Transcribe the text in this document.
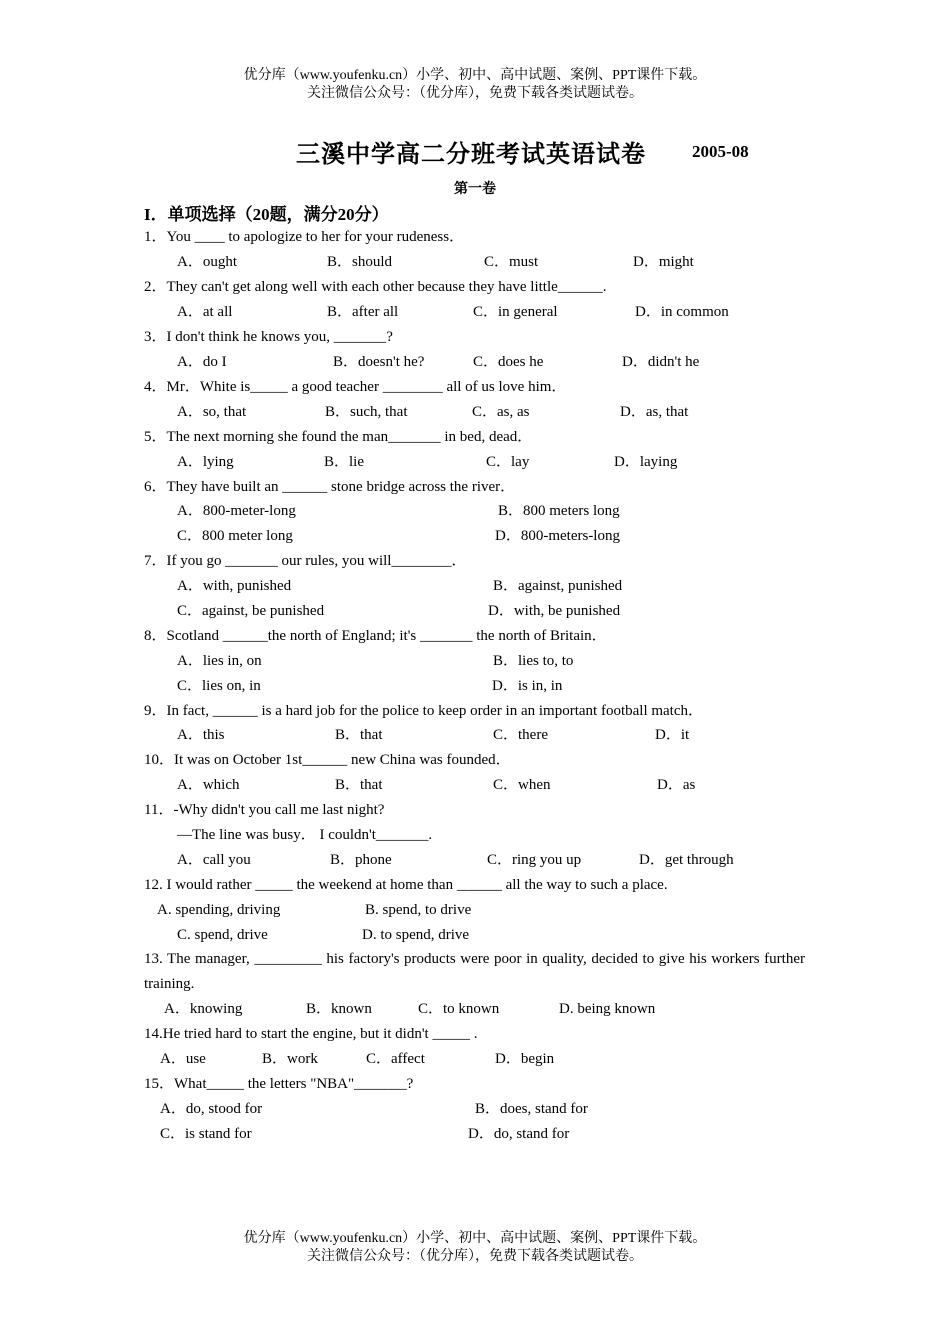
优分库（www.youfenku.cn）小学、初中、高中试题、案例、PPT课件下载。
关注微信公众号：（优分库），免费下载各类试题试卷。
三溪中学高二分班考试英语试卷	2005-08
第一卷
I．单项选择（20题，满分20分）
1．You ____ to apologize to her for your rudeness．
A．ought	B．should	C．must	D．might
2．They can't get along well with each other because they have little______.
A．at all	B．after all	C．in general	D．in common
3．I don't think he knows you, _______?
A．do I	B．doesn't he?	C．does he	D．didn't he
4．Mr．White is_____ a good teacher ________ all of us love him．
A．so, that	B．such, that	C．as, as	D．as, that
5．The next morning she found the man_______ in bed, dead．
A．lying	B．lie	C．lay	D．laying
6．They have built an ______ stone bridge across the river．
A．800-meter-long	B．800 meters long
C．800 meter long	D．800-meters-long
7．If you go _______ our rules, you will________．
A．with, punished	B．against, punished
C．against, be punished	D．with, be punished
8．Scotland ______the north of England; it's _______ the north of Britain．
A．lies in, on	B．lies to, to
C．lies on, in	D．is in, in
9．In fact, ______ is a hard job for the police to keep order in an important football match．
A．this	B．that	C．there	D．it
10．It was on October 1st______ new China was founded．
A．which	B．that	C．when	D．as
11．-Why didn't you call me last night?
—The line was busy． I couldn't_______.
A．call you	B．phone	C．ring you up	D．get through
12. I would rather _____ the weekend at home than ______ all the way to such a place.
A. spending, driving	B. spend, to drive
C. spend, drive	D. to spend, drive
13. The manager, _________ his factory's products were poor in quality, decided to give his workers further training.
A．knowing	B．known	C．to known	D. being known
14.He tried hard to start the engine, but it didn't _____ .
A．use	B．work	C．affect	D．begin
15．What_____ the letters "NBA"_______?
A．do, stood for	B．does, stand for
C．is stand for	D．do, stand for
优分库（www.youfenku.cn）小学、初中、高中试题、案例、PPT课件下载。
关注微信公众号：（优分库），免费下载各类试题试卷。
